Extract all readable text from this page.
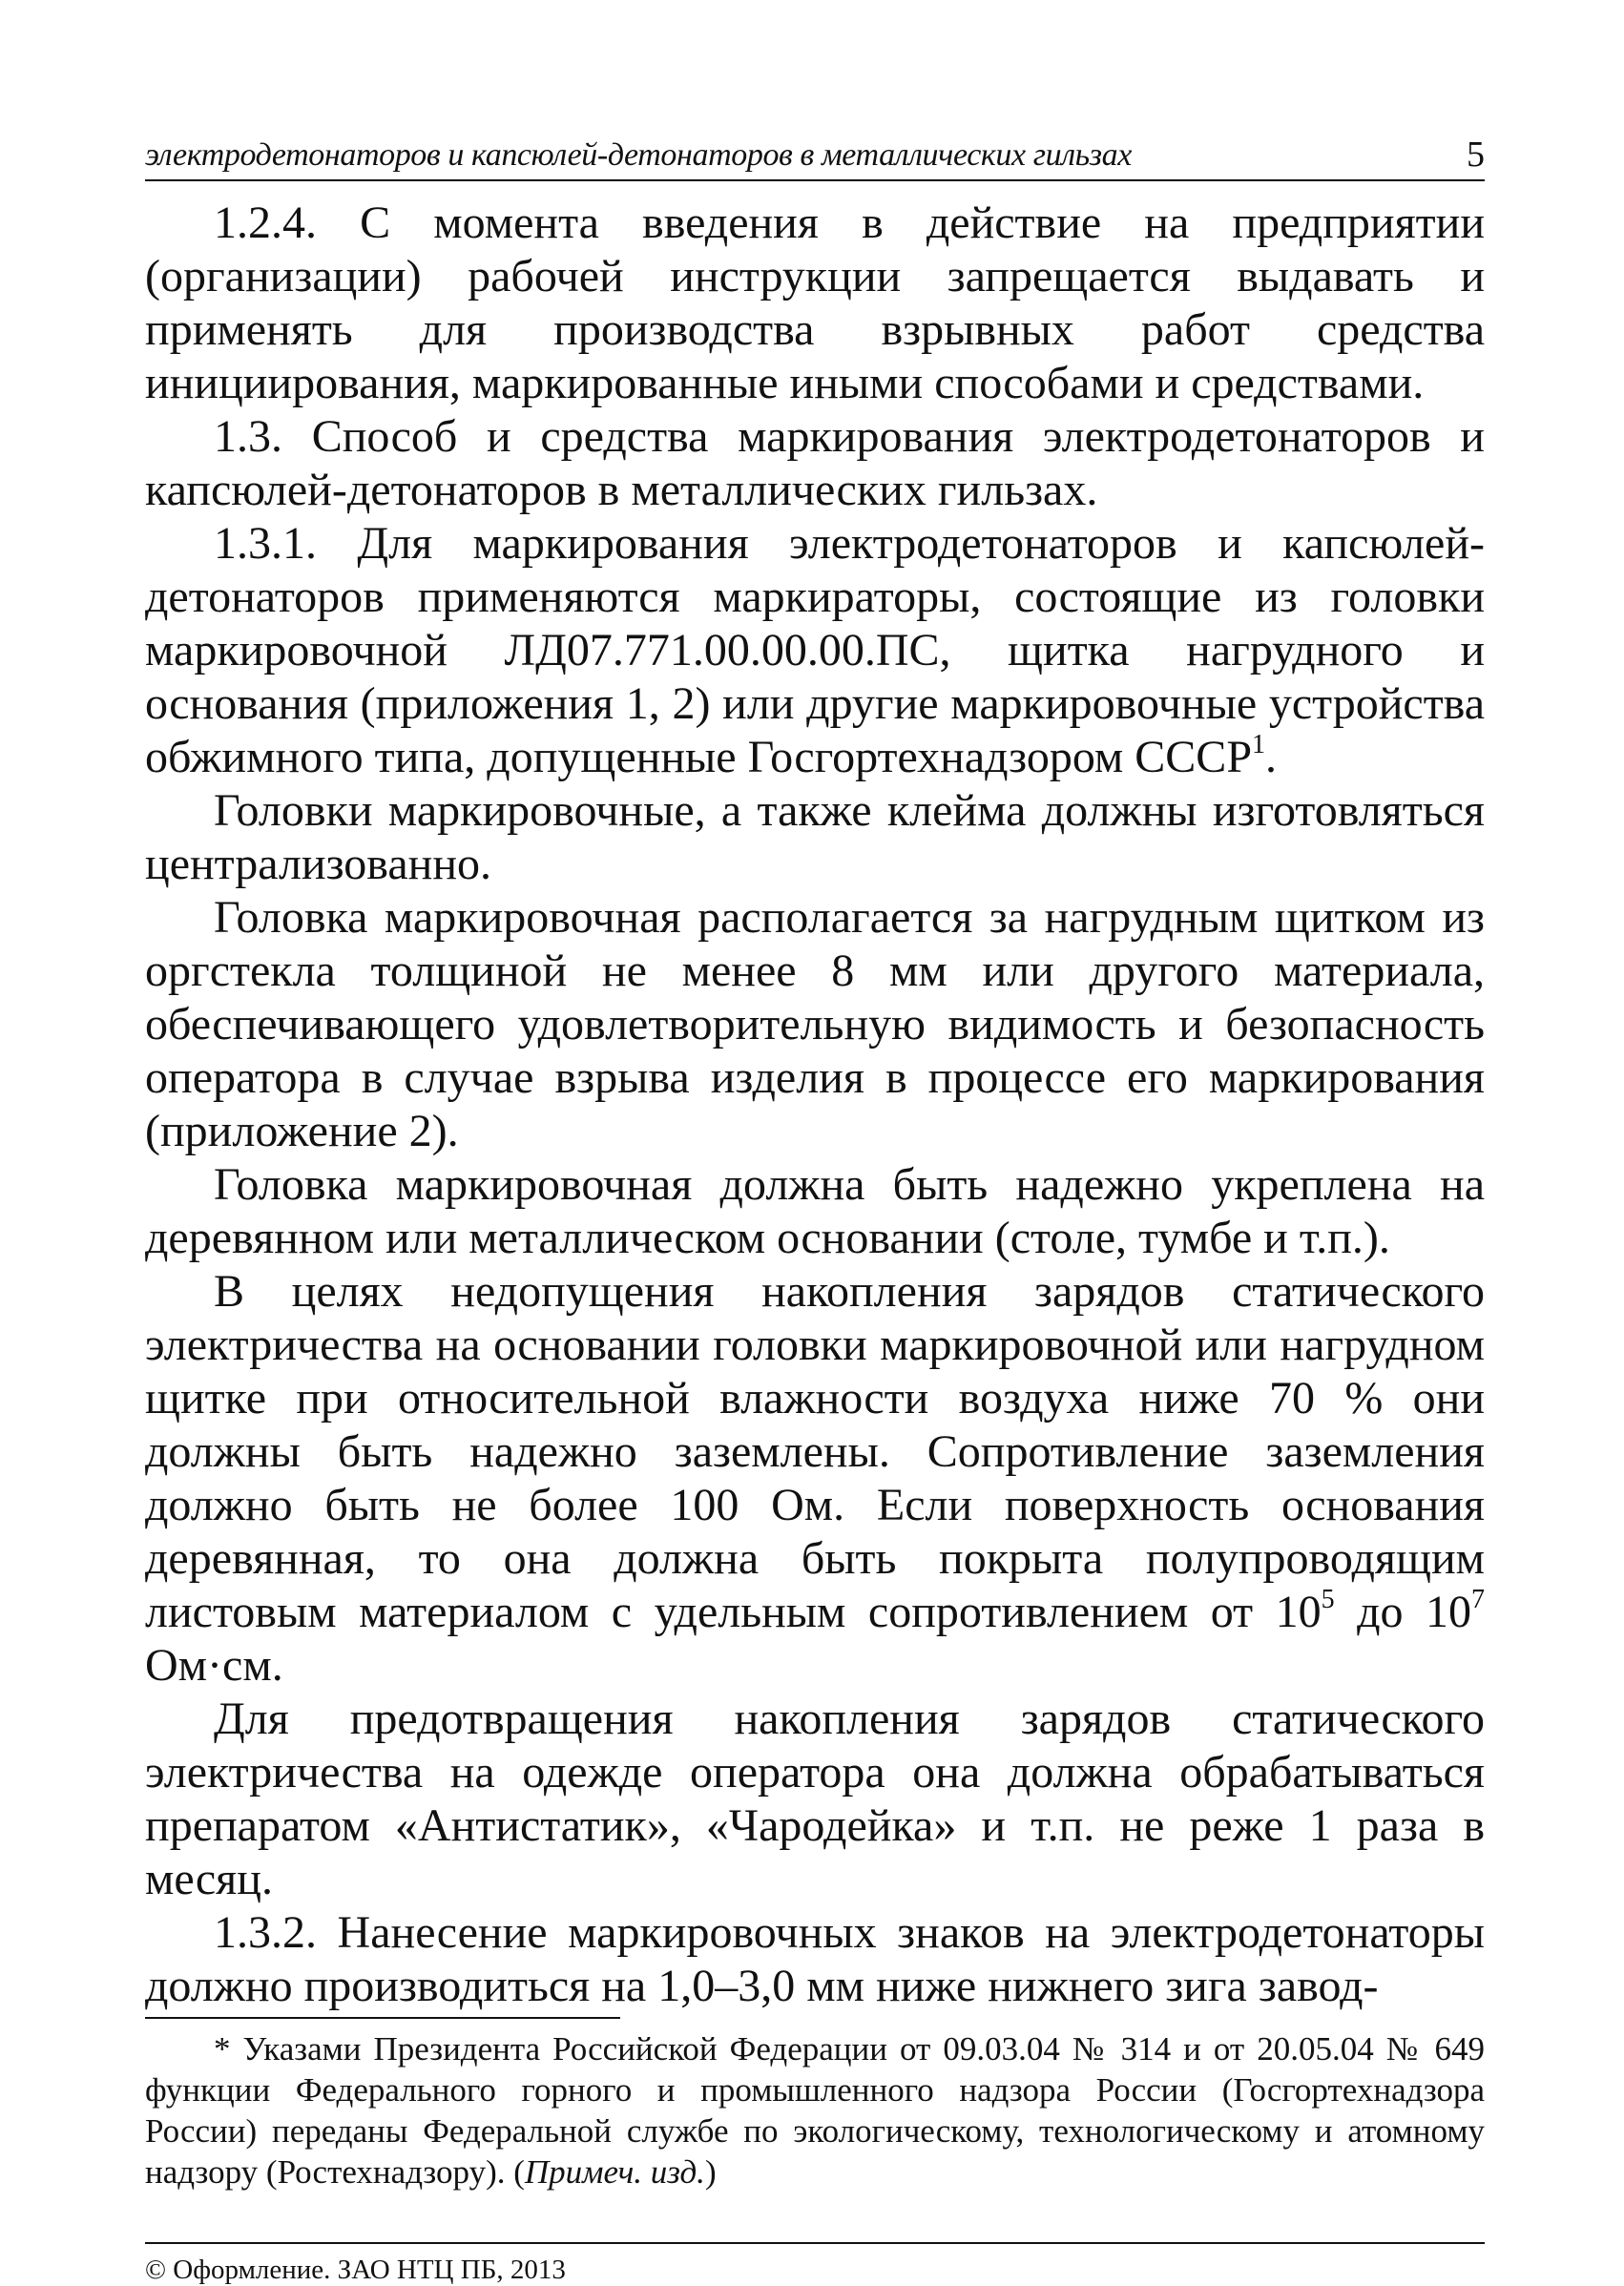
электродетонаторов и капсюлей-детонаторов в металлических гильзах	5

1.2.4. С момента введения в действие на предприятии (организации) рабочей инструкции запрещается выдавать и применять для производства взрывных работ средства инициирования, маркированные иными способами и средствами.

1.3. Способ и средства маркирования электродетонаторов и капсюлей-детонаторов в металлических гильзах.

1.3.1. Для маркирования электродетонаторов и капсюлей-детонаторов применяются маркираторы, состоящие из головки маркировочной ЛД07.771.00.00.00.ПС, щитка нагрудного и основания (приложения 1, 2) или другие маркировочные устройства обжимного типа, допущенные Госгортехнадзором СССР$^1$.

Головки маркировочные, а также клейма должны изготовляться централизованно.

Головка маркировочная располагается за нагрудным щитком из оргстекла толщиной не менее 8 мм или другого материала, обеспечивающего удовлетворительную видимость и безопасность оператора в случае взрыва изделия в процессе его маркирования (приложение 2).

Головка маркировочная должна быть надежно укреплена на деревянном или металлическом основании (столе, тумбе и т.п.).

В целях недопущения накопления зарядов статического электричества на основании головки маркировочной или нагрудном щитке при относительной влажности воздуха ниже 70 % они должны быть надежно заземлены. Сопротивление заземления должно быть не более 100 Ом. Если поверхность основания деревянная, то она должна быть покрыта полупроводящим листовым материалом с удельным сопротивлением от $10^5$ до $10^7$ Ом·см.

Для предотвращения накопления зарядов статического электричества на одежде оператора она должна обрабатываться препаратом «Антистатик», «Чародейка» и т.п. не реже 1 раза в месяц.

1.3.2. Нанесение маркировочных знаков на электродетонаторы должно производиться на 1,0–3,0 мм ниже нижнего зига завод-

* Указами Президента Российской Федерации от 09.03.04 № 314 и от 20.05.04 № 649 функции Федерального горного и промышленного надзора России (Госгортехнадзора России) переданы Федеральной службе по экологическому, технологическому и атомному надзору (Ростехнадзору). (Примеч. изд.)
© Оформление. ЗАО НТЦ ПБ, 2013
